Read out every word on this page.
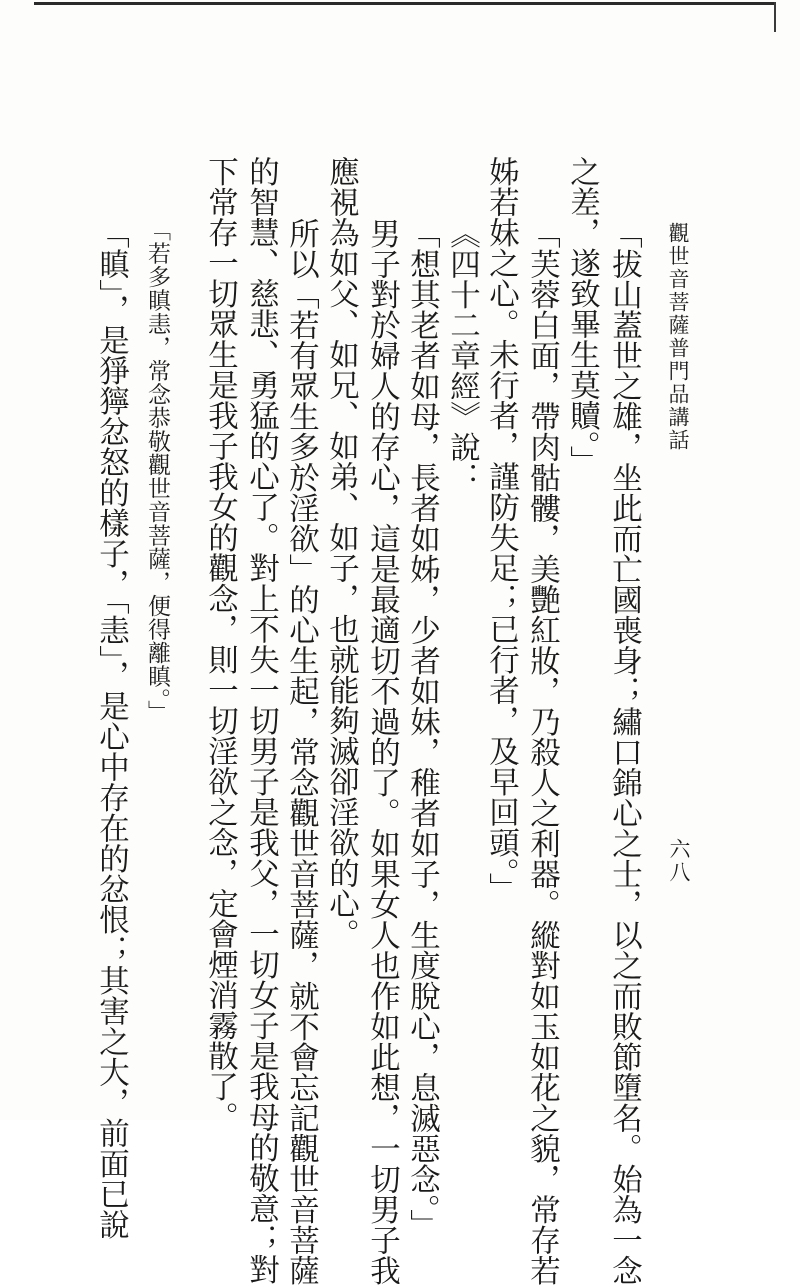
觀世音菩薩普門品講話
六八
「拔山蓋世之雄，坐此而亡國喪身；繡口錦心之士，以之而敗節墮名。始為一念
之差，遂致畢生莫贖。」
「芙蓉白面，帶肉骷髏，美艷紅妝，乃殺人之利器。縱對如玉如花之貌，常存若
姊若妹之心。未行者，謹防失足；已行者，及早回頭。」
《四十二章經》說：
「想其老者如母，長者如姊，少者如妹，稚者如子，生度脫心，息滅惡念。」
男子對於婦人的存心，這是最適切不過的了。如果女人也作如此想，一切男子我
應視為如父、如兄、如弟、如子，也就能夠滅卻淫欲的心。
所以「若有眾生多於淫欲」的心生起，常念觀世音菩薩，就不會忘記觀世音菩薩
的智慧、慈悲、勇猛的心了。對上不失一切男子是我父，一切女子是我母的敬意；對
下常存一切眾生是我子我女的觀念，則一切淫欲之念，定會煙消霧散了。
「若多瞋恚，常念恭敬觀世音菩薩，便得離瞋。」
「瞋」，是猙獰忿怒的樣子，「恚」，是心中存在的忿恨；其害之大，前面已說
